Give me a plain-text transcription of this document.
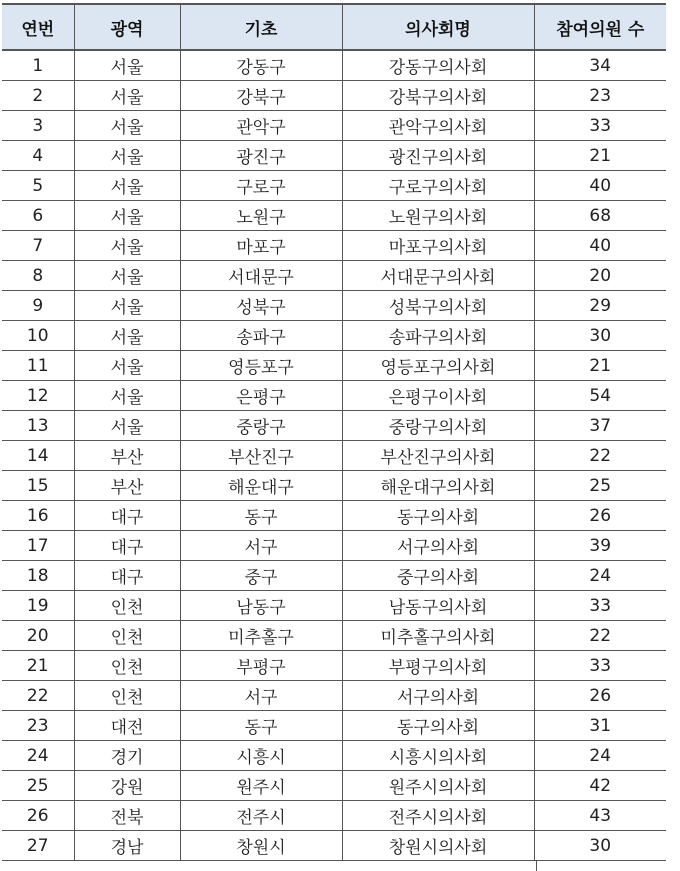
연번	광역	기초	의사회명	참여의원 수
1	서울	강동구	강동구의사회	34
2	서울	강북구	강북구의사회	23
3	서울	관악구	관악구의사회	33
4	서울	광진구	광진구의사회	21
5	서울	구로구	구로구의사회	40
6	서울	노원구	노원구의사회	68
7	서울	마포구	마포구의사회	40
8	서울	서대문구	서대문구의사회	20
9	서울	성북구	성북구의사회	29
10	서울	송파구	송파구의사회	30
11	서울	영등포구	영등포구의사회	21
12	서울	은평구	은평구이사회	54
13	서울	중랑구	중랑구의사회	37
14	부산	부산진구	부산진구의사회	22
15	부산	해운대구	해운대구의사회	25
16	대구	동구	동구의사회	26
17	대구	서구	서구의사회	39
18	대구	중구	중구의사회	24
19	인천	남동구	남동구의사회	33
20	인천	미추홀구	미추홀구의사회	22
21	인천	부평구	부평구의사회	33
22	인천	서구	서구의사회	26
23	대전	동구	동구의사회	31
24	경기	시흥시	시흥시의사회	24
25	강원	원주시	원주시의사회	42
26	전북	전주시	전주시의사회	43
27	경남	창원시	창원시의사회	30
